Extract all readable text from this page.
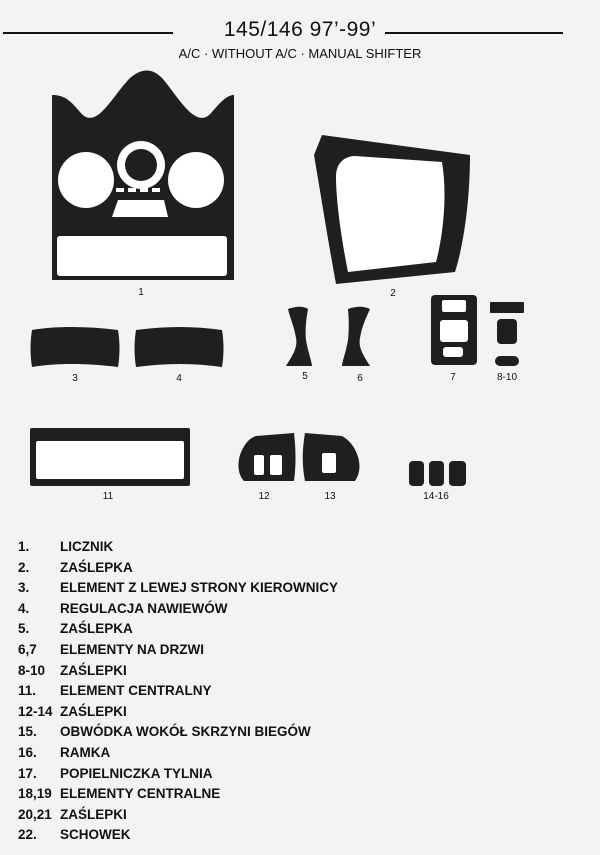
145/146 97’-99’
A/C · WITHOUT A/C · MANUAL SHIFTER
1	2
3	4	5	6	7	8-10
11	12	13	14-16
1. LICZNIK
2. ZAŚLEPKA
3. ELEMENT Z LEWEJ STRONY KIEROWNICY
4. REGULACJA NAWIEWÓW
5. ZAŚLEPKA
6,7 ELEMENTY NA DRZWI
8-10 ZAŚLEPKI
11. ELEMENT CENTRALNY
12-14 ZAŚLEPKI
15. OBWÓDKA WOKÓŁ SKRZYNI BIEGÓW
16. RAMKA
17. POPIELNICZKA TYLNIA
18,19 ELEMENTY CENTRALNE
20,21 ZAŚLEPKI
22. SCHOWEK
